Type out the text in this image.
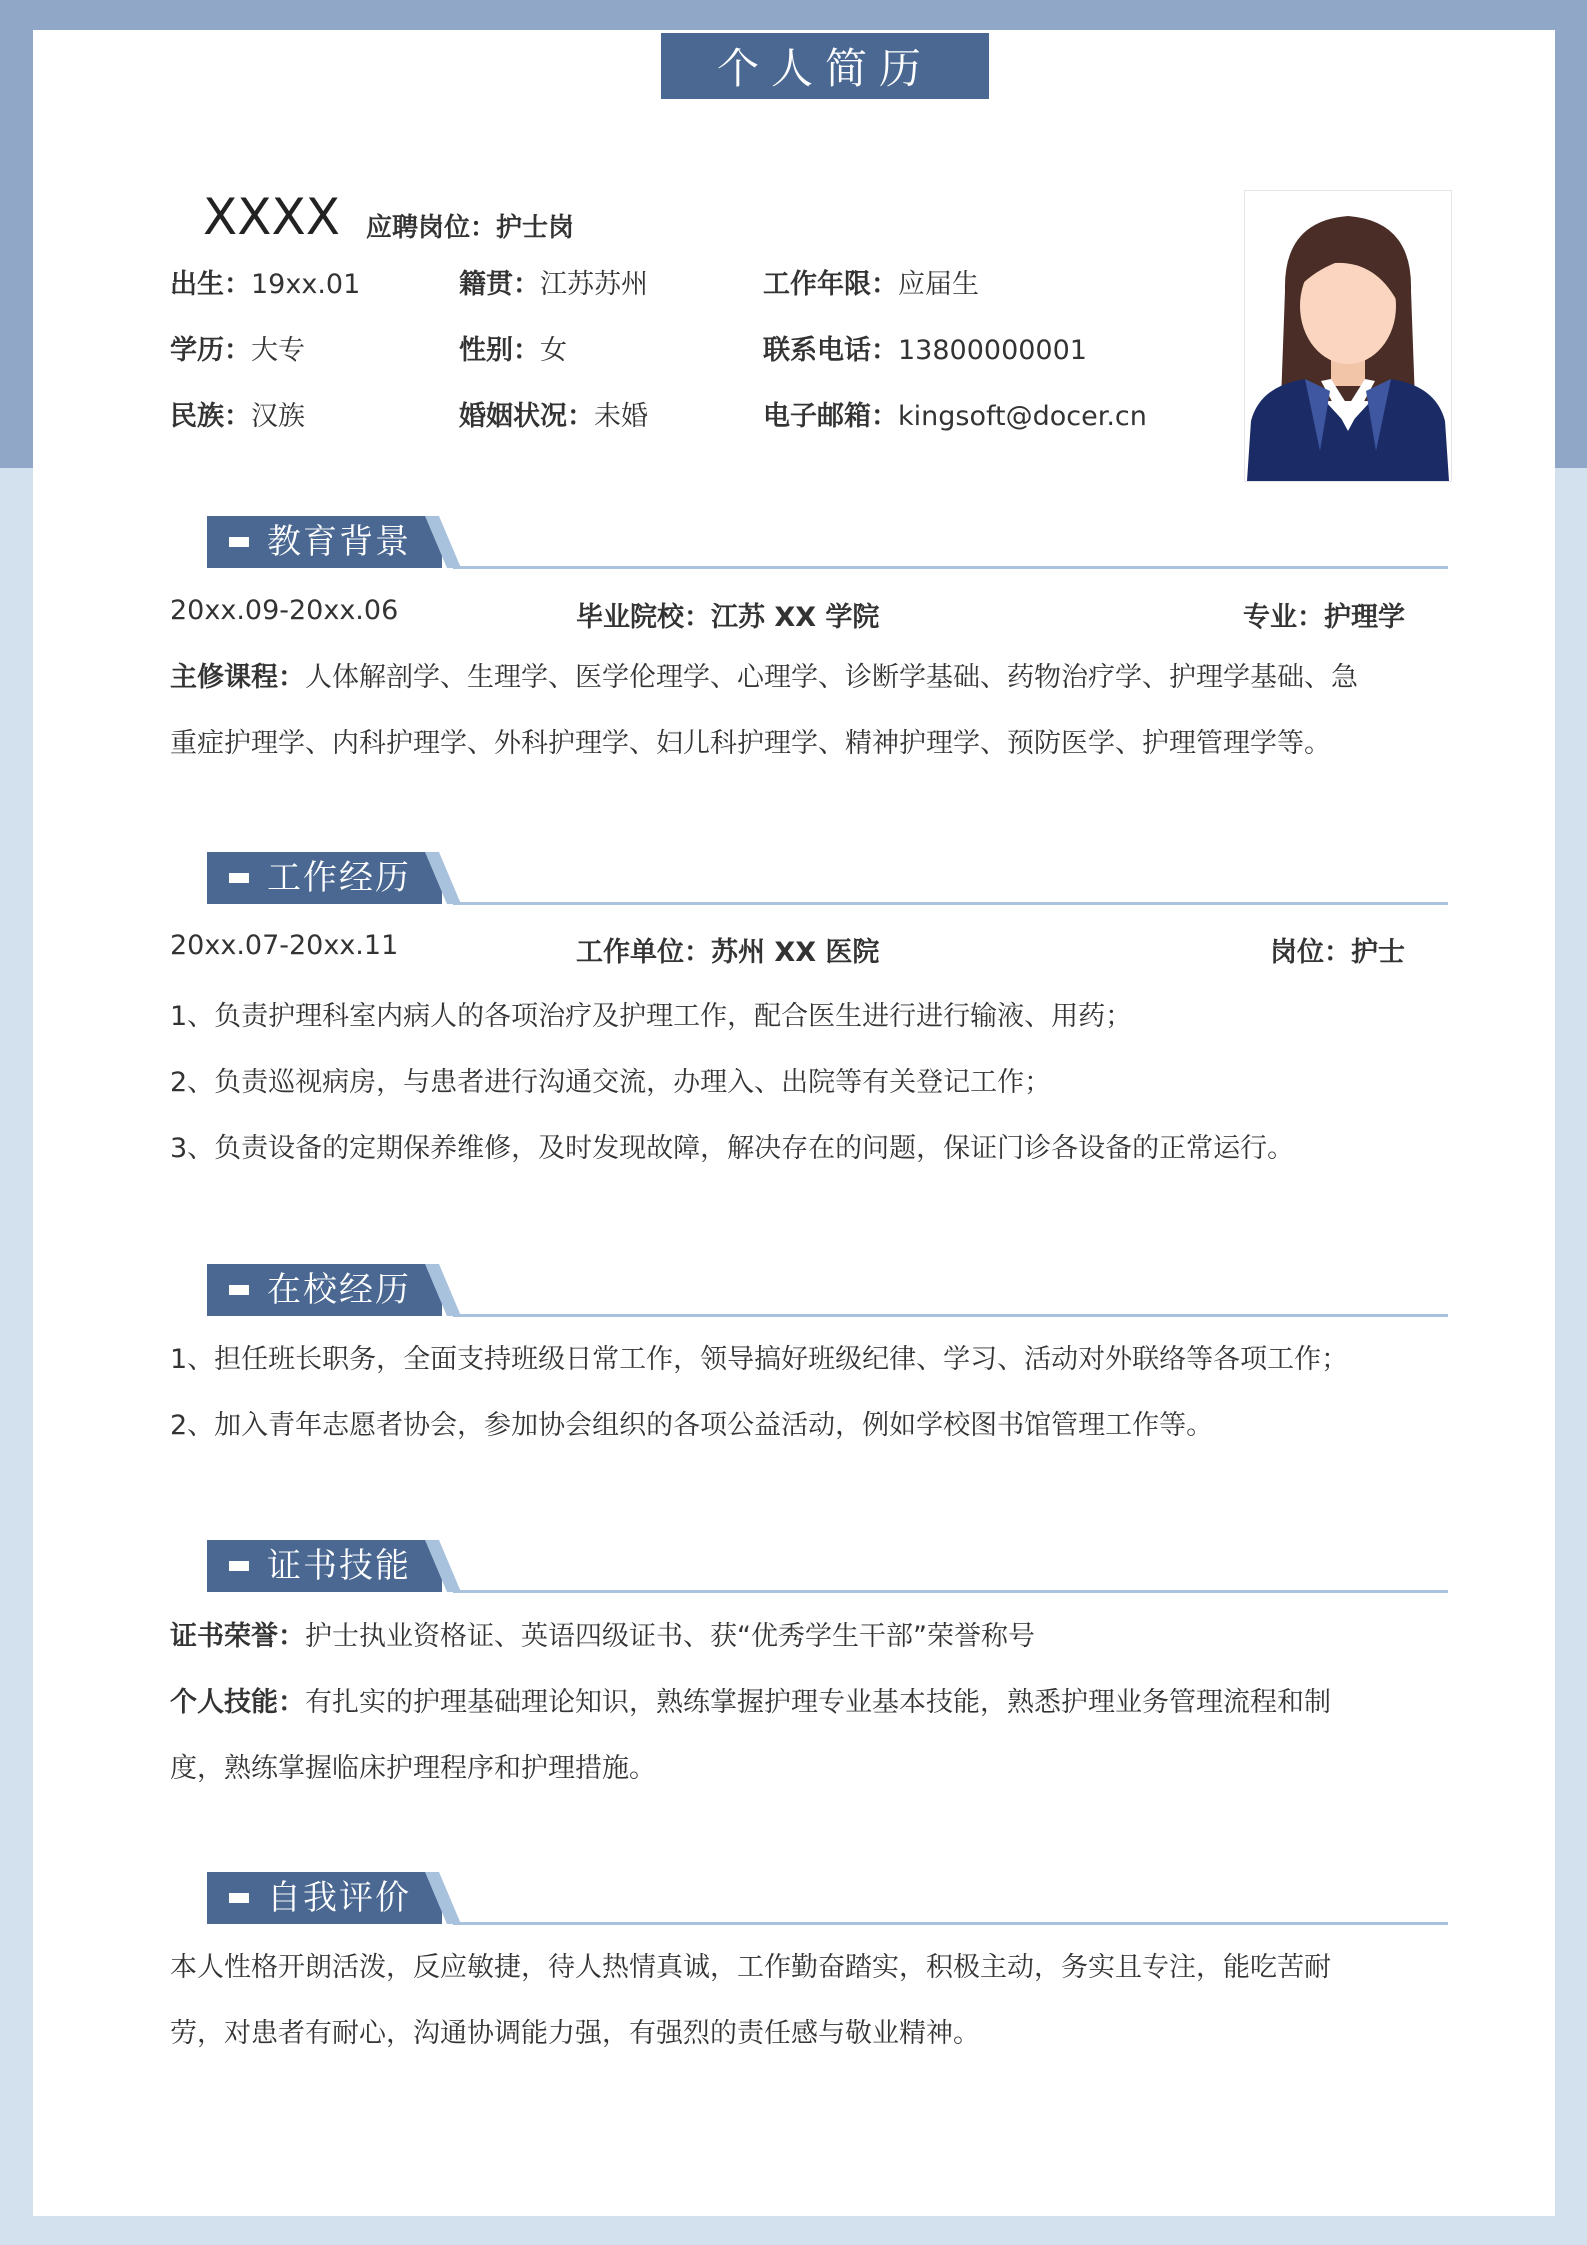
个人简历
XXXX 应聘岗位：护士岗
出生：19xx.01	籍贯：江苏苏州	工作年限：应届生
学历：大专	性别：女	联系电话：13800000001
民族：汉族	婚姻状况：未婚	电子邮箱：kingsoft@docer.cn
教育背景
20xx.09-20xx.06	毕业院校：江苏 XX 学院	专业：护理学
主修课程：人体解剖学、生理学、医学伦理学、心理学、诊断学基础、药物治疗学、护理学基础、急
重症护理学、内科护理学、外科护理学、妇儿科护理学、精神护理学、预防医学、护理管理学等。
工作经历
20xx.07-20xx.11	工作单位：苏州 XX 医院	岗位：护士
1、负责护理科室内病人的各项治疗及护理工作，配合医生进行进行输液、用药；
2、负责巡视病房，与患者进行沟通交流，办理入、出院等有关登记工作；
3、负责设备的定期保养维修，及时发现故障，解决存在的问题，保证门诊各设备的正常运行。
在校经历
1、担任班长职务，全面支持班级日常工作，领导搞好班级纪律、学习、活动对外联络等各项工作；
2、加入青年志愿者协会，参加协会组织的各项公益活动，例如学校图书馆管理工作等。
证书技能
证书荣誉：护士执业资格证、英语四级证书、获“优秀学生干部”荣誉称号
个人技能：有扎实的护理基础理论知识，熟练掌握护理专业基本技能，熟悉护理业务管理流程和制
度，熟练掌握临床护理程序和护理措施。
自我评价
本人性格开朗活泼，反应敏捷，待人热情真诚，工作勤奋踏实，积极主动，务实且专注，能吃苦耐
劳，对患者有耐心，沟通协调能力强，有强烈的责任感与敬业精神。
